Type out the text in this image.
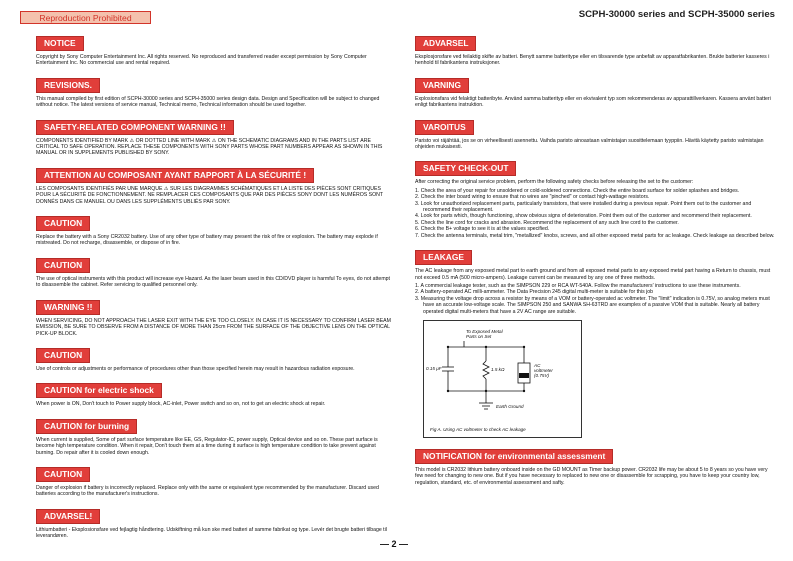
Reproduction Prohibited	SCPH-30000 series and SCPH-35000 series
NOTICE
Copyright by Sony Computer Entertainment Inc. All rights reserved. No reproduced and transferred reader except permission by Sony Computer Entertainment Inc. No commercial use and rental required.
REVISIONS.
This manual compiled by first edition of SCPH-30000 series and SCPH-35000 series design data. Design and Specification will be subject to changed without notice. The latest versions of service manual, Technical memo, Technical information should be used together.
SAFETY-RELATED COMPONENT WARNING !!
COMPONENTS IDENTIFIED BY MARK ⚠ OR DOTTED LINE WITH MARK ⚠ ON THE SCHEMATIC DIAGRAMS AND IN THE PARTS LIST ARE CRITICAL TO SAFE OPERATION. REPLACE THESE COMPONENTS WITH SONY PARTS WHOSE PART NUMBERS APPEAR AS SHOWN IN THIS MANUAL OR IN SUPPLEMENTS PUBLISHED BY SONY.
ATTENTION AU COMPOSANT AYANT RAPPORT À LA SÉCURITÉ !
LES COMPOSANTS IDENTIFIÉS PAR UNE MARQUE ⚠ SUR LES DIAGRAMMES SCHÉMATIQUES ET LA LISTE DES PIÈCES SONT CRITIQUES POUR LA SÉCURITÉ DE FONCTIONNEMENT. NE REMPLACER CES COMPOSANTS QUE PAR DES PIÈCES SONY DONT LES NUMÉROS SONT DONNÉS DANS CE MANUEL OU DANS LES SUPPLÉMENTS UBLIÉS PAR SONY.
CAUTION
Replace the battery with a Sony CR2032 battery. Use of any other type of battery may present the risk of fire or explosion. The battery may explode if mistreated. Do not recharge, disassemble, or dispose of in fire.
CAUTION
The use of optical instruments with this product will increase eye Hazard. As the laser beam used in this CD/DVD player is harmful To eyes, do not attempt to disassemble the cabinet. Refer servicing to qualified personnel only.
WARNING !!
WHEN SERVICING, DO NOT APPROACH THE LASER EXIT WITH THE EYE TOO CLOSELY. IN CASE IT IS NECESSARY TO CONFIRM LASER BEAM EMISSION, BE SURE TO OBSERVE FROM A DISTANCE OF MORE THAN 25cm FROM THE SURFACE OF THE OBJECTIVE LENS ON THE OPTICAL PICK-UP BLOCK.
CAUTION
Use of controls or adjustments or performance of procedures other than those specified herein may result in hazardous radiation exposure.
CAUTION for electric shock
When power is ON, Don't touch to Power supply block, AC-inlet, Power switch and so on, not to get an electric shock at repair.
CAUTION for burning
When current is supplied, Some of part surface temperature like EE, GS, Regulator-IC, power supply, Optical device and so on. These part surface is become high temperature condition. When it repair, Don't touch them at a time during it surface is high temperature condition to take prevent against burning. Do repair after it is cooled down enough.
CAUTION
Danger of explosion if battery is incorrectly replaced. Replace only with the same or equivalent type recommended by the manufacturer. Discard used batteries according to the manufacturer's instructions.
ADVARSEL!
Lithiumbatteri - Eksplosionsfare ved fejlagtig håndtering. Udskiftning må kun ske med batteri af samme fabrikat og type. Levér det brugte batteri tilbage til leverandøren.
ADVARSEL
Eksplosjonsfare ved feilaktig skifte av batteri. Benytt samme batteritype eller en tilsvarende type anbefalt av apparatfabrikanten. Brukte batterier kasseres i henhold til fabrikantens instruksjoner.
VARNING
Explosionsfara vid felaktigt batteribyte. Använd samma batterityp eller en ekvivalent typ som rekommenderas av apparattillverkaren. Kassera använt batteri enligt fabrikantens instruktion.
VAROITUS
Paristo voi räjähtää, jos se on virheellisesti asennettu. Vaihda paristo ainoastaan valmistajan suosittelemaan tyyppiin. Hävitä käytetty paristo valmistajan ohjeiden mukaisesti.
SAFETY CHECK-OUT
After correcting the original service problem, perform the following safety checks before releasing the set to the customer:
1. Check the area of your repair for unsoldered or cold-soldered connections. Check the entire board surface for solder splashes and bridges.
2. Check the inter board wiring to ensure that no wires are "pinched" or contact high-wattage resistors.
3. Look for unauthorized replacement parts, particularly transistors, that were installed during a previous repair. Point them out to the customer and recommend their replacement.
4. Look for parts which, though functioning, show obvious signs of deterioration. Point them out of the customer and recommend their replacement.
5. Check the line cord for cracks and abrasion. Recommend the replacement of any such line cord to the customer.
6. Check the B+ voltage to see it is at the values specified.
7. Check the antenna terminals, metal trim, "metallized" knobs, screws, and all other exposed metal parts for ac leakage. Check leakage as described below.
LEAKAGE
The AC leakage from any exposed metal part to earth ground and from all exposed metal parts to any exposed metal part having a Return to chassis, must not exceed 0.5 mA (500 micro-ampers). Leakage current can be measured by any one of three methods.
1. A commercial leakage tester, such as the SIMPSON 229 or RCA WT-540A. Follow the manufacturers' instructions to use these instruments.
2. A battery-operated AC milli-ammeter. The Data Precision 245 digital multi-meter is suitable for this job
3. Measuring the voltage drop across a resistor by means of a VOM or battery-operated ac voltmeter. The "limit" indication is 0.75V, so analog meters must have an accurate low-voltage scale. The SIMPSON 250 and SANWA SH-63TRD are examples of a passive VOM that is suitable. Nearly all battery operated digital multi-meters that have a 2V AC range are suitable.
To Exposed Metal
Parts on Set
0.15 μF	1.5 kΩ
AC
voltmeter
(0.75V)
Earth Ground
Fig A. Using AC voltmeter to check AC leakage
NOTIFICATION for environmental assessment
This model is CR2032 lithium battery onboard inside on the GD MOUNT as Timer backup power. CR2032 life may be about 5 to 8 years so you have very few need for changing to new one. But if you have necessary to replaced to new one or disassemble for scrapping, you have to keep your country low, regulation, standard, etc. of environmental assessment and safty.
— 2 —
